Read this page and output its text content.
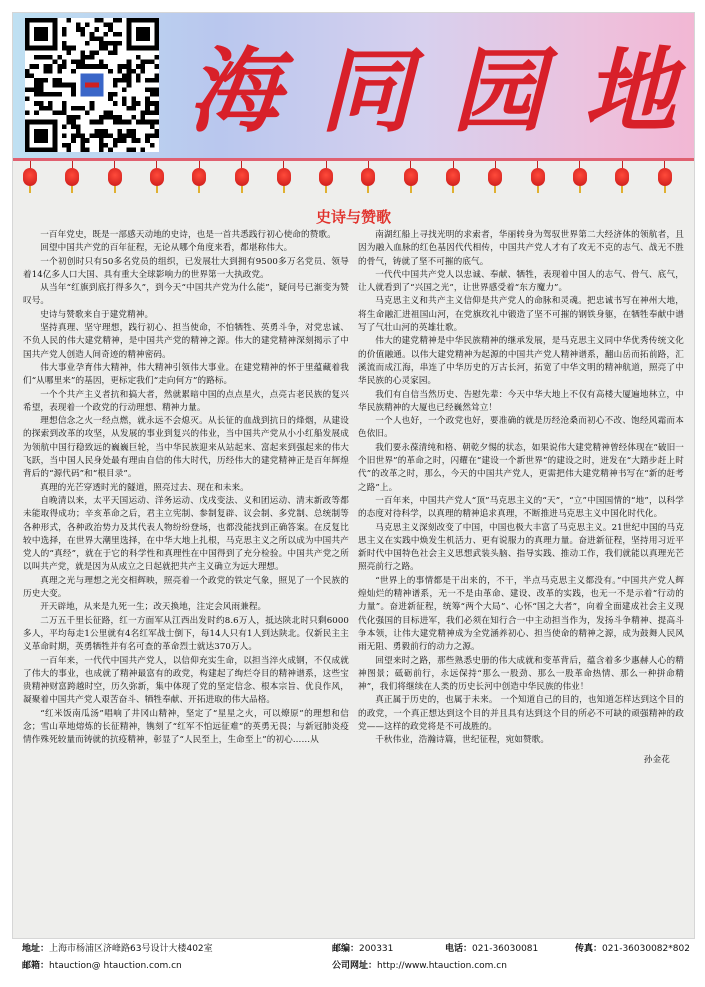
海 同 园 地
史诗与赞歌

一百年党史，既是一部感天动地的史诗，也是一首共悉践行初心使命的赞歌。

回望中国共产党的百年征程，无论从哪个角度来看，都堪称伟大。

一个初创时只有50多名党员的组织，已发展壮大到拥有9500多万名党员、领导着14亿多人口大国、具有重大全球影响力的世界第一大执政党。

从当年“红旗到底打得多久”，到今天“中国共产党为什么能”，疑问号已渐变为赞叹号。

史诗与赞歌来自于建党精神。

坚持真理、坚守理想，践行初心、担当使命，不怕牺牲、英勇斗争，对党忠诚、不负人民的伟大建党精神，是中国共产党的精神之源。伟大的建党精神深刻揭示了中国共产党人创造人间奇迹的精神密码。

伟大事业孕育伟大精神，伟大精神引领伟大事业。在建党精神的怀于里蕴藏着我们“从哪里来”的基因，更标定我们“走向何方”的路标。

一个个共产主义者抗和搞大者，然就累暗中国的点点星火，点亮古老民族的复兴希望，表现着一个政党的行动理想、精神力量。

理想信念之火一经点燃，就永远不会熄灭。从长征的血战到抗日的烽烟，从建设的探索到改革的攻坚，从发展的事业到复兴的伟业，当中国共产党从小小红船发展成为领航中国行稳致远的巍巍巨轮，当中华民族迎来从站起来、富起来到强起来的伟大飞跃，当中国人民身处最有理由自信的伟大时代，历经伟大的建党精神正是百年辉煌背后的“源代码”和“根目录”。

真理的光芒穿透时光的隧道，照亮过去、现在和未来。

自晚清以来，太平天国运动、洋务运动、戊戌变法、义和团运动、清末新政等都未能取得成功；辛亥革命之后，君主立宪制、参制复辟、议会制、多党制、总统制等各种形式，各种政治势力及其代表人物纷纷登场，也都没能找到正确答案。在反复比较中选择，在世界大潮里选择，在中华大地上扎根，马克思主义之所以成为中国共产党人的“真经”，就在于它的科学性和真理性在中国得到了充分检验。中国共产党之所以叫共产党，就是因为从成立之日起就把共产主义确立为远大理想。

真理之光与理想之光交相辉映，照亮着一个政党的铁定气象，照见了一个民族的历史大变。

开天辟地，从来是九死一生；改天换地，注定会风雨兼程。

二万五千里长征路，红一方面军从江西出发时约8.6万人，抵达陕北时只剩6000多人，平均每走1公里就有4名红军战士倒下，每14人只有1人到达陕北。仅新民主主义革命时期，英勇牺牲并有名可查的革命烈士就达370万人。

一百年来，一代代中国共产党人，以信仰充实生命，以担当淬火成钢，不仅成就了伟大的事业，也成就了精神最富有的政党，构建起了绚烂夺目的精神谱系，这些宝贵精神财富跨越时空，历久弥新，集中体现了党的坚定信念、根本宗旨、优良作风，凝聚着中国共产党人艰苦奋斗、牺牲奉献、开拓进取的伟大品格。

“红米饭南瓜汤”唱响了井冈山精神，坚定了“星星之火，可以燎原”的理想和信念；雪山草地熔炼的长征精神，镌刻了“红军不怕远征难”的英勇无畏；与新冠肺炎疫情作殊死较量而铸就的抗疫精神，彰显了“人民至上，生命至上”的初心……从

南湖红船上寻找光明的求索者，华丽转身为驾驭世界第二大经济体的领航者，且因为融入血脉的红色基因代代相传，中国共产党人才有了攻无不克的志气、战无不胜的骨气，铸就了坚不可摧的底气。

一代代中国共产党人以忠诚、奉献、牺牲，表现着中国人的志气、骨气、底气，让人就看到了“兴国之光”，让世界感受着“东方魔力”。

马克思主义和共产主义信仰是共产党人的命脉和灵魂。把忠诚书写在神州大地，将生命融汇进祖国山河，在党旗玫礼中锻造了坚不可摧的钢铁身躯，在牺牲奉献中谱写了气壮山河的英雄壮歌。

伟大的建党精神是中华民族精神的继承发展，是马克思主义同中华优秀传统文化的价值融通。以伟大建党精神为起源的中国共产党人精神谱系，翻山岳而拓前路，汇溪流而成江海，串连了中华历史的万古长河，拓宽了中华文明的精神航道，照亮了中华民族的心灵家园。

我们有自信当然历史、告慰先辈：今天中华大地上不仅有高楼大厦遍地林立，中华民族精神的大厦也已经巍然耸立！

一个人也好，一个政党也好，要准确的就是历经沧桑而初心不改、饱经风霜而本色依旧。

我们要永葆清纯和格、朝乾夕惕的状态，如果说伟大建党精神曾经体现在“破旧一个旧世界”的革命之时，闪耀在“建设一个新世界”的建设之时，迸发在“大踏步赶上时代”的改革之时，那么，今天的中国共产党人，更需把伟大建党精神书写在“新的赶考之路”上。

一百年来，中国共产党人“顶”马克思主义的“天”，“立”中国国情的“地”，以科学的态度对待科学，以真理的精神追求真理，不断推进马克思主义中国化时代化。

马克思主义深刻改变了中国，中国也极大丰富了马克思主义。21世纪中国的马克思主义在实践中焕发生机活力、更有说服力的真理力量。奋进新征程，坚持用习近平新时代中国特色社会主义思想武装头脑、指导实践、推动工作，我们就能以真理光芒照亮前行之路。

“世界上的事情都是干出来的，不干，半点马克思主义都没有。”中国共产党人辉煌灿烂的精神谱系，无一不是由革命、建设、改革的实践，也无一不是示着“行动的力量”。奋进新征程，统筹“两个大局”、心怀“国之大者”，向着全面建成社会主义现代化强国的目标进军，我们必须在知行合一中主动担当作为，发扬斗争精神、提高斗争本领，让伟大建党精神成为全党涵养初心、担当使命的精神之源，成为鼓舞人民风雨无阻、勇毅前行的动力之源。

回望来时之路，那些熟悉史册的伟大成就和变革背后，蕴含着多少惠赫人心的精神图景；砥砺前行，永远保持“那么一股劲、那么一股革命热情、那么一种拼命精神”，我们将继续在人类的历史长河中创造中华民族的伟业！

真正属于历史的，也属于未来。 一个知道自己的目的，也知道怎样达到这个目的的政党，一个真正想达到这个目的并且具有达到这个目的所必不可缺的顽强精神的政党——这样的政党将是不可战胜的。

千秋伟业，浩瀚诗篇，世纪征程，宛如赞歌。

孙金花

地址：上海市杨浦区济峰路63号设计大楼402室	邮编：200331	电话：021-36030081	传真：021-36030082*802
邮箱：htauction@ htauction.com.cn	公司网址：http://www.htauction.com.cn
